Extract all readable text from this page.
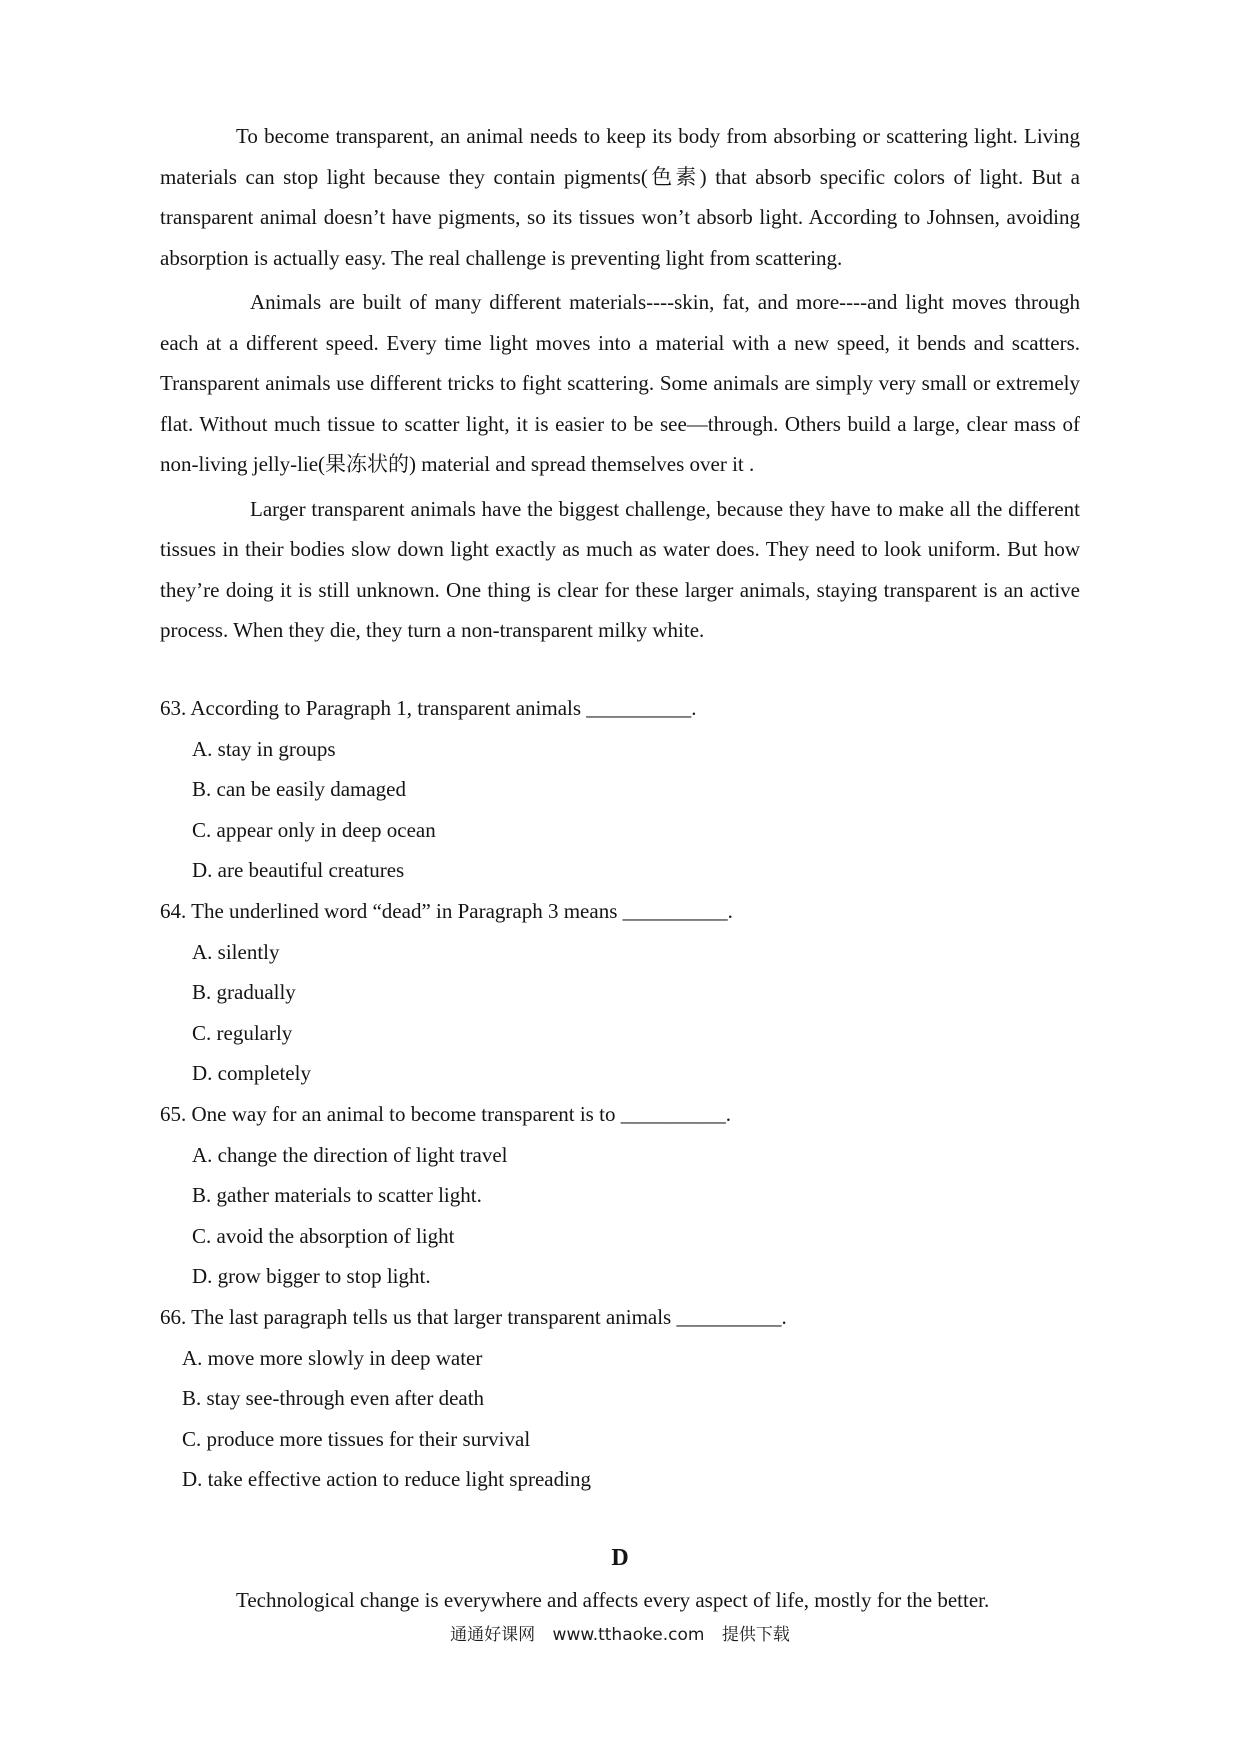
To become transparent, an animal needs to keep its body from absorbing or scattering light. Living materials can stop light because they contain pigments(色素) that absorb specific colors of light. But a transparent animal doesn’t have pigments, so its tissues won’t absorb light. According to Johnsen, avoiding absorption is actually easy. The real challenge is preventing light from scattering.

Animals are built of many different materials----skin, fat, and more----and light moves through each at a different speed. Every time light moves into a material with a new speed, it bends and scatters. Transparent animals use different tricks to fight scattering. Some animals are simply very small or extremely flat. Without much tissue to scatter light, it is easier to be see—through. Others build a large, clear mass of non-living jelly-lie(果冻状的) material and spread themselves over it .

Larger transparent animals have the biggest challenge, because they have to make all the different tissues in their bodies slow down light exactly as much as water does. They need to look uniform. But how they’re doing it is still unknown. One thing is clear for these larger animals, staying transparent is an active process. When they die, they turn a non-transparent milky white.

63. According to Paragraph 1, transparent animals __________.

A. stay in groups

B. can be easily damaged

C. appear only in deep ocean

D. are beautiful creatures

64. The underlined word “dead” in Paragraph 3 means __________.

A. silently

B. gradually

C. regularly

D. completely

65. One way for an animal to become transparent is to __________.

A. change the direction of light travel

B. gather materials to scatter light.

C. avoid the absorption of light

D. grow bigger to stop light.

66. The last paragraph tells us that larger transparent animals __________.

A. move more slowly in deep water

B. stay see-through even after death

C. produce more tissues for their survival

D. take effective action to reduce light spreading

D
Technological change is everywhere and affects every aspect of life, mostly for the better.
通通好课网 www.tthaoke.com 提供下载
